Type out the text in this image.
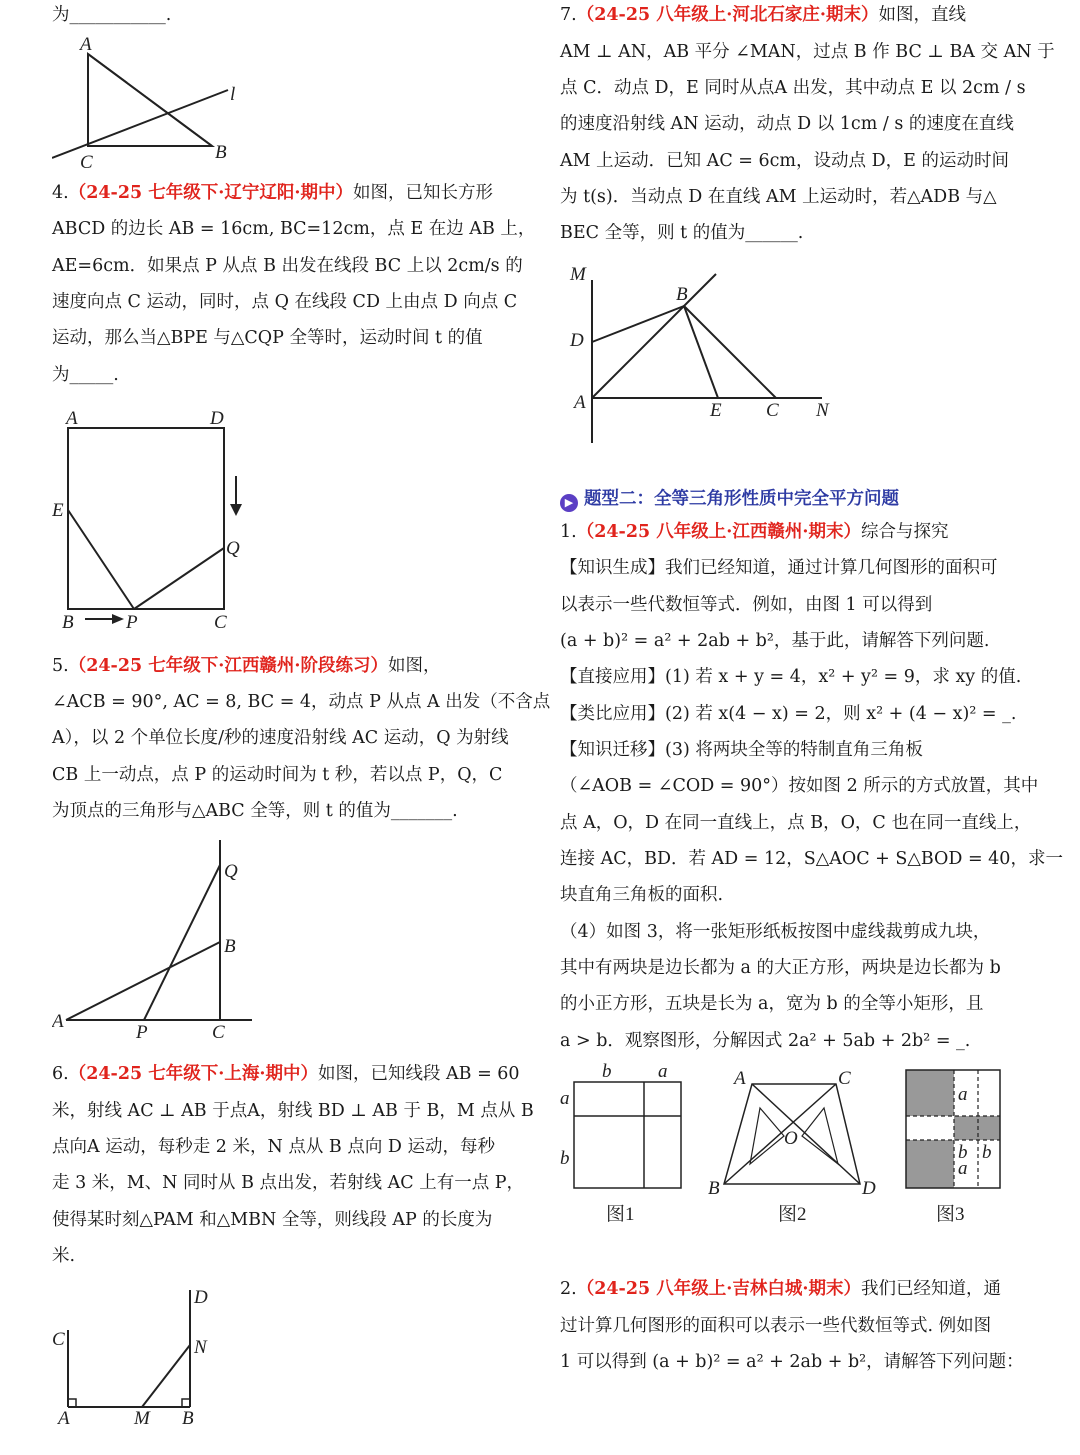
为___________.
A
B
C
l
4.（24-25 七年级下·辽宁辽阳·期中）如图，已知长方形
ABCD 的边长 AB = 16cm, BC=12cm，点 E 在边 AB 上，
AE=6cm．如果点 P 从点 B 出发在线段 BC 上以 2cm/s 的
速度向点 C 运动，同时，点 Q 在线段 CD 上由点 D 向点 C
运动，那么当△BPE 与△CQP 全等时，运动时间 t 的值
为_____.
A	D
E
Q
B	P	C
5.（24-25 七年级下·江西赣州·阶段练习）如图，
∠ACB = 90°, AC = 8, BC = 4，动点 P 从点 A 出发（不含点
A），以 2 个单位长度/秒的速度沿射线 AC 运动，Q 为射线
CB 上一动点，点 P 的运动时间为 t 秒，若以点 P，Q，C
为顶点的三角形与△ABC 全等，则 t 的值为_______.
Q
B
A
P	C
6.（24-25 七年级下·上海·期中）如图，已知线段 AB = 60
米，射线 AC ⊥ AB 于点A，射线 BD ⊥ AB 于 B，M 点从 B
点向A 运动，每秒走 2 米，N 点从 B 点向 D 运动，每秒
走 3 米，M、N 同时从 B 点出发，若射线 AC 上有一点 P，
使得某时刻△PAM 和△MBN 全等，则线段 AP 的长度为
米.
D
C	N
A	M B
7.（24-25 八年级上·河北石家庄·期末）如图，直线
AM ⊥ AN，AB 平分 ∠MAN，过点 B 作 BC ⊥ BA 交 AN 于
点 C．动点 D，E 同时从点A 出发，其中动点 E 以 2cm / s
的速度沿射线 AN 运动，动点 D 以 1cm / s 的速度在直线
AM 上运动．已知 AC = 6cm，设动点 D，E 的运动时间
为 t(s)．当动点 D 在直线 AM 上运动时，若△ADB 与△
BEC 全等，则 t 的值为______.
M
B
D
A	E C N
▶ 题型二：全等三角形性质中完全平方问题
1.（24-25 八年级上·江西赣州·期末）综合与探究
【知识生成】我们已经知道，通过计算几何图形的面积可
以表示一些代数恒等式．例如，由图 1 可以得到
(a + b)² = a² + 2ab + b²，基于此，请解答下列问题.
【直接应用】(1) 若 x + y = 4，x² + y² = 9，求 xy 的值.
【类比应用】(2) 若 x(4 − x) = 2，则 x² + (4 − x)² = _.
【知识迁移】(3) 将两块全等的特制直角三角板
（∠AOB = ∠COD = 90°）按如图 2 所示的方式放置，其中
点 A，O，D 在同一直线上，点 B，O，C 也在同一直线上，
连接 AC，BD．若 AD = 12，S△AOC + S△BOD = 40，求一
块直角三角板的面积.
（4）如图 3，将一张矩形纸板按图中虚线裁剪成九块，
其中有两块是边长都为 a 的大正方形，两块是边长都为 b
的小正方形，五块是长为 a，宽为 b 的全等小矩形，且
a > b．观察图形，分解因式 2a² + 5ab + 2b² = _.
b a
a
b
图1
A	C
O
B	D
图2
a
b b
a
图3
2.（24-25 八年级上·吉林白城·期末）我们已经知道，通
过计算几何图形的面积可以表示一些代数恒等式. 例如图
1 可以得到 (a + b)² = a² + 2ab + b²，请解答下列问题：
